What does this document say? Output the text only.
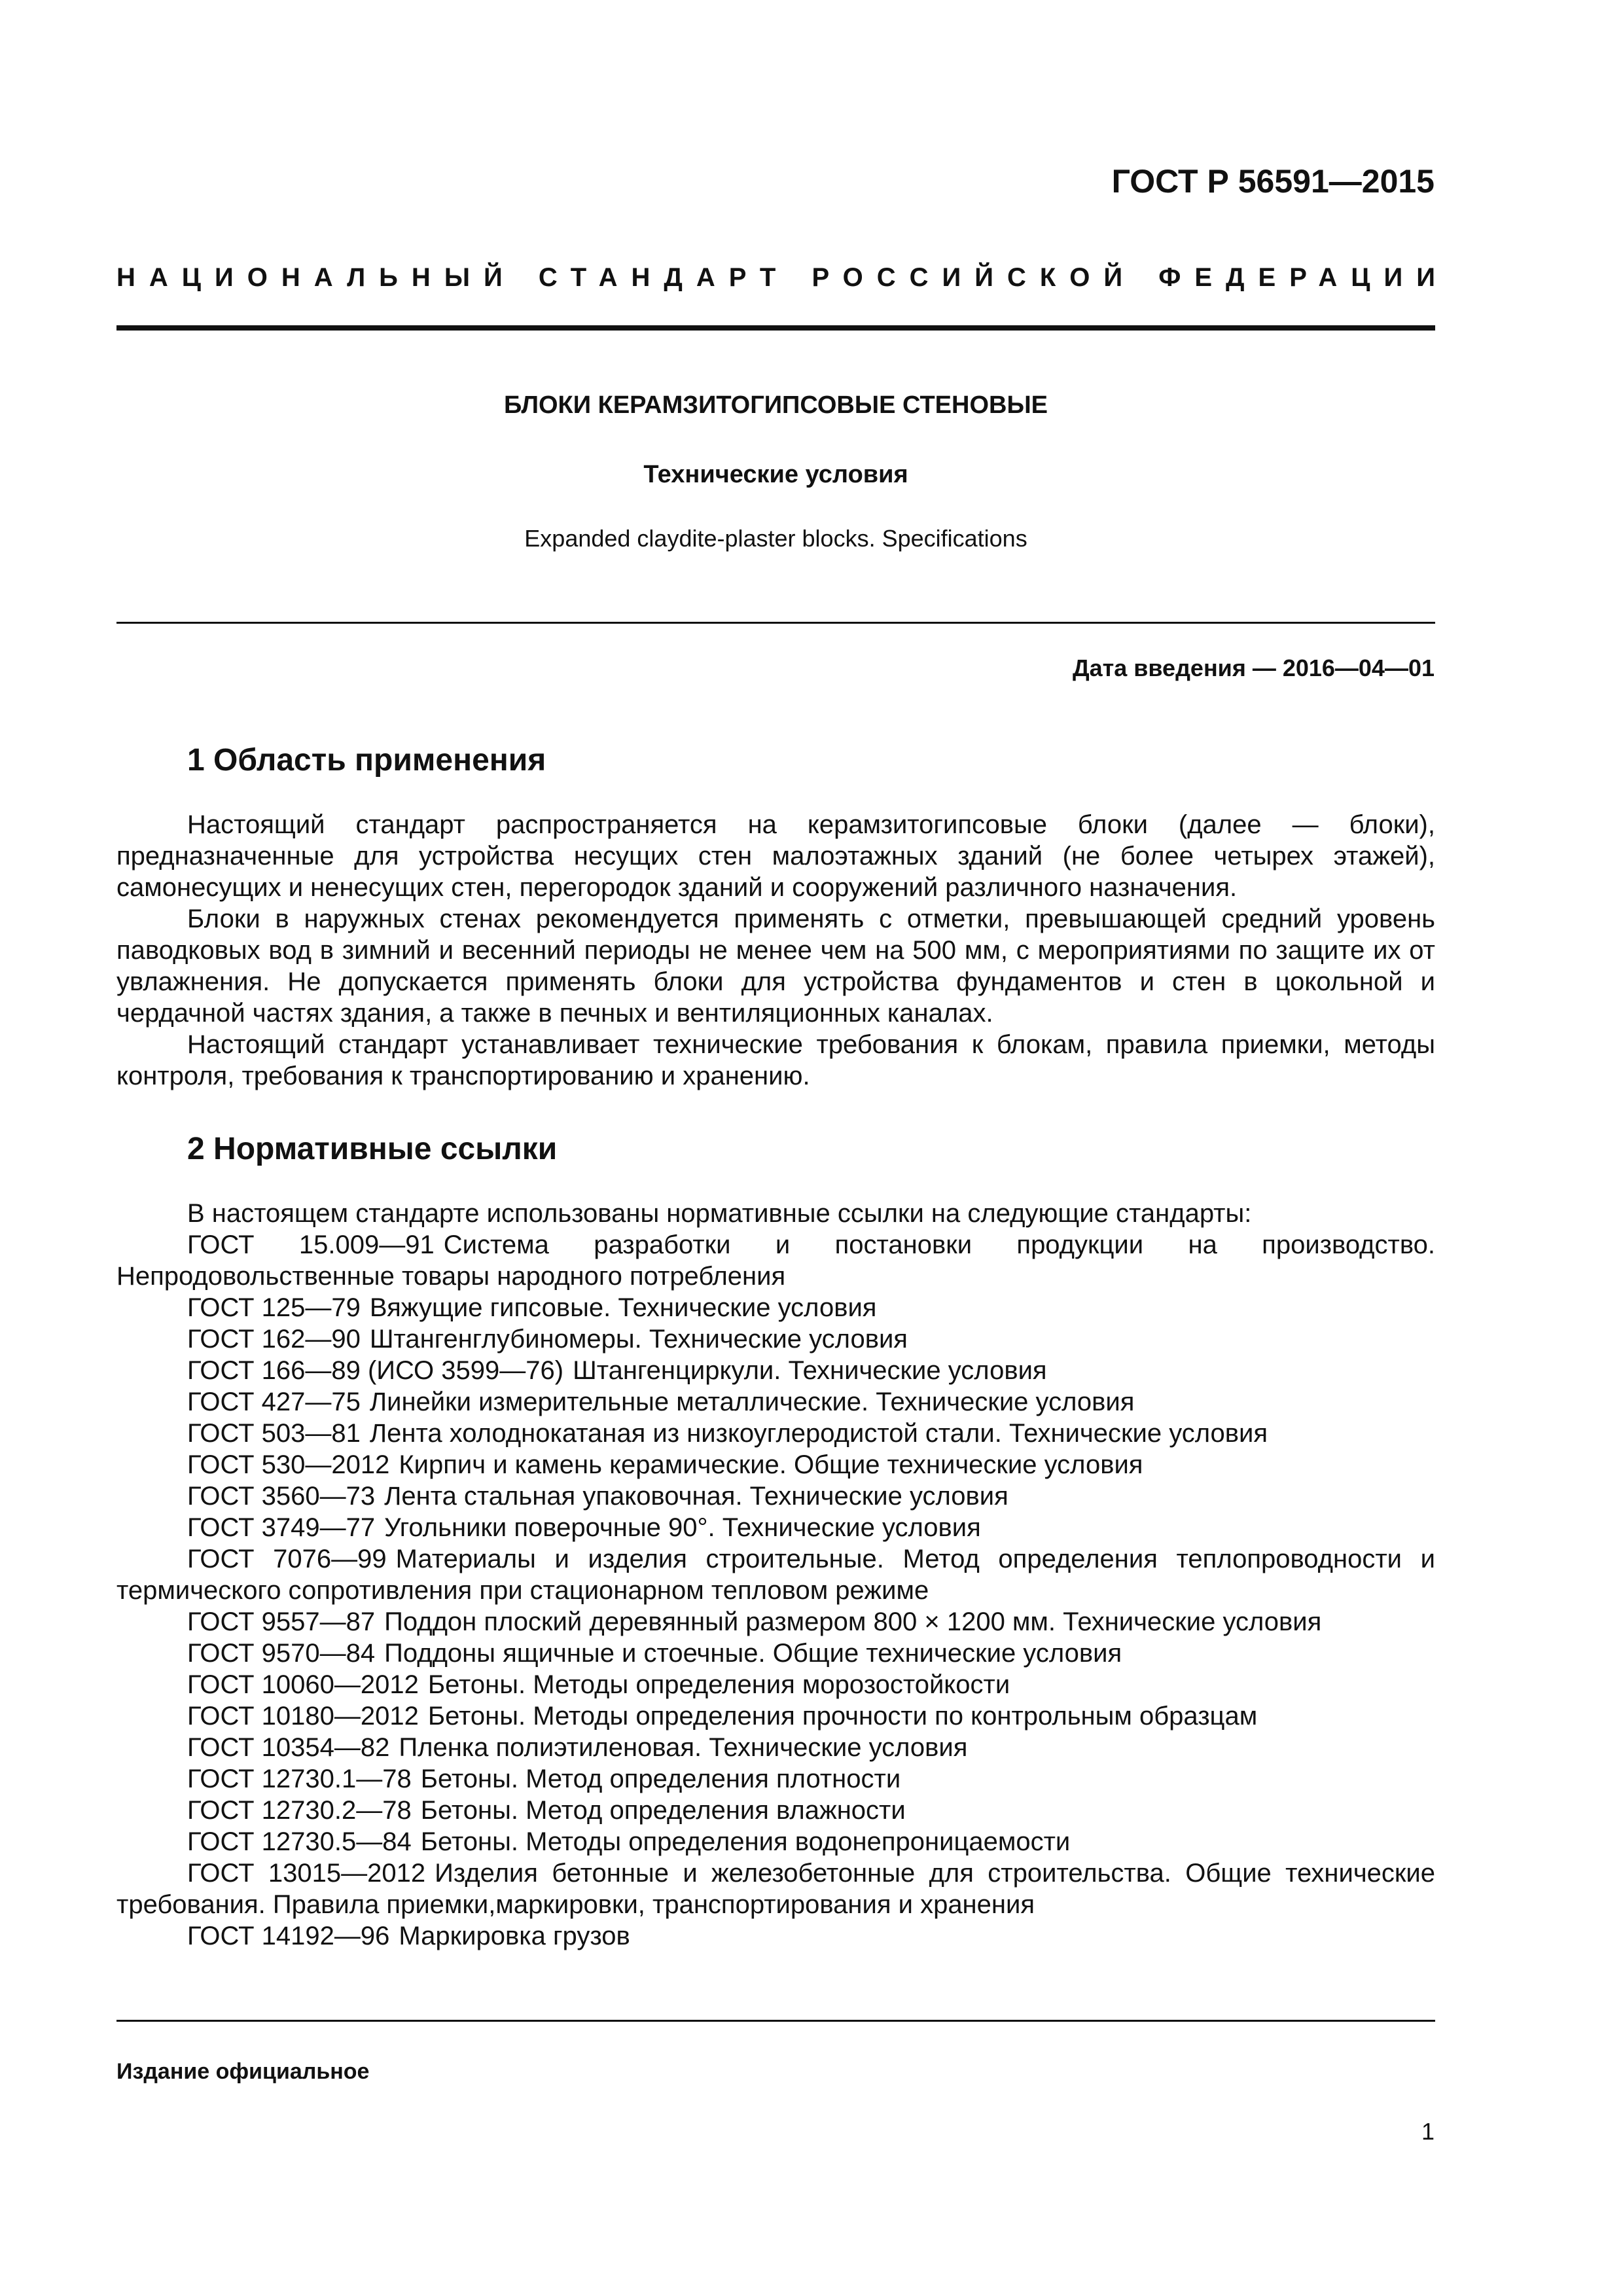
ГОСТ Р 56591—2015
НАЦИОНАЛЬНЫЙ СТАНДАРТ РОССИЙСКОЙ ФЕДЕРАЦИИ
БЛОКИ КЕРАМЗИТОГИПСОВЫЕ СТЕНОВЫЕ
Технические условия
Expanded claydite-plaster blocks. Specifications
Дата введения — 2016—04—01
1 Область применения

Настоящий стандарт распространяется на керамзитогипсовые блоки (далее — блоки), предназначенные для устройства несущих стен малоэтажных зданий (не более четырех этажей), самонесущих и ненесущих стен, перегородок зданий и сооружений различного назначения.

Блоки в наружных стенах рекомендуется применять с отметки, превышающей средний уровень паводковых вод в зимний и весенний периоды не менее чем на 500 мм, с мероприятиями по защите их от увлажнения. Не допускается применять блоки для устройства фундаментов и стен в цокольной и чердачной частях здания, а также в печных и вентиляционных каналах.

Настоящий стандарт устанавливает технические требования к блокам, правила приемки, методы контроля, требования к транспортированию и хранению.

2 Нормативные ссылки

В настоящем стандарте использованы нормативные ссылки на следующие стандарты:

ГОСТ 15.009—91 Система разработки и постановки продукции на производство. Непродовольственные товары народного потребления

ГОСТ 125—79 Вяжущие гипсовые. Технические условия

ГОСТ 162—90 Штангенглубиномеры. Технические условия

ГОСТ 166—89 (ИСО 3599—76) Штангенциркули. Технические условия

ГОСТ 427—75 Линейки измерительные металлические. Технические условия

ГОСТ 503—81 Лента холоднокатаная из низкоуглеродистой стали. Технические условия

ГОСТ 530—2012 Кирпич и камень керамические. Общие технические условия

ГОСТ 3560—73 Лента стальная упаковочная. Технические условия

ГОСТ 3749—77 Угольники поверочные 90°. Технические условия

ГОСТ 7076—99 Материалы и изделия строительные. Метод определения теплопроводности и термического сопротивления при стационарном тепловом режиме

ГОСТ 9557—87 Поддон плоский деревянный размером 800 × 1200 мм. Технические условия

ГОСТ 9570—84 Поддоны ящичные и стоечные. Общие технические условия

ГОСТ 10060—2012 Бетоны. Методы определения морозостойкости

ГОСТ 10180—2012 Бетоны. Методы определения прочности по контрольным образцам

ГОСТ 10354—82 Пленка полиэтиленовая. Технические условия

ГОСТ 12730.1—78 Бетоны. Метод определения плотности

ГОСТ 12730.2—78 Бетоны. Метод определения влажности

ГОСТ 12730.5—84 Бетоны. Методы определения водонепроницаемости

ГОСТ 13015—2012 Изделия бетонные и железобетонные для строительства. Общие технические требования. Правила приемки,маркировки, транспортирования и хранения

ГОСТ 14192—96 Маркировка грузов

Издание официальное
1
